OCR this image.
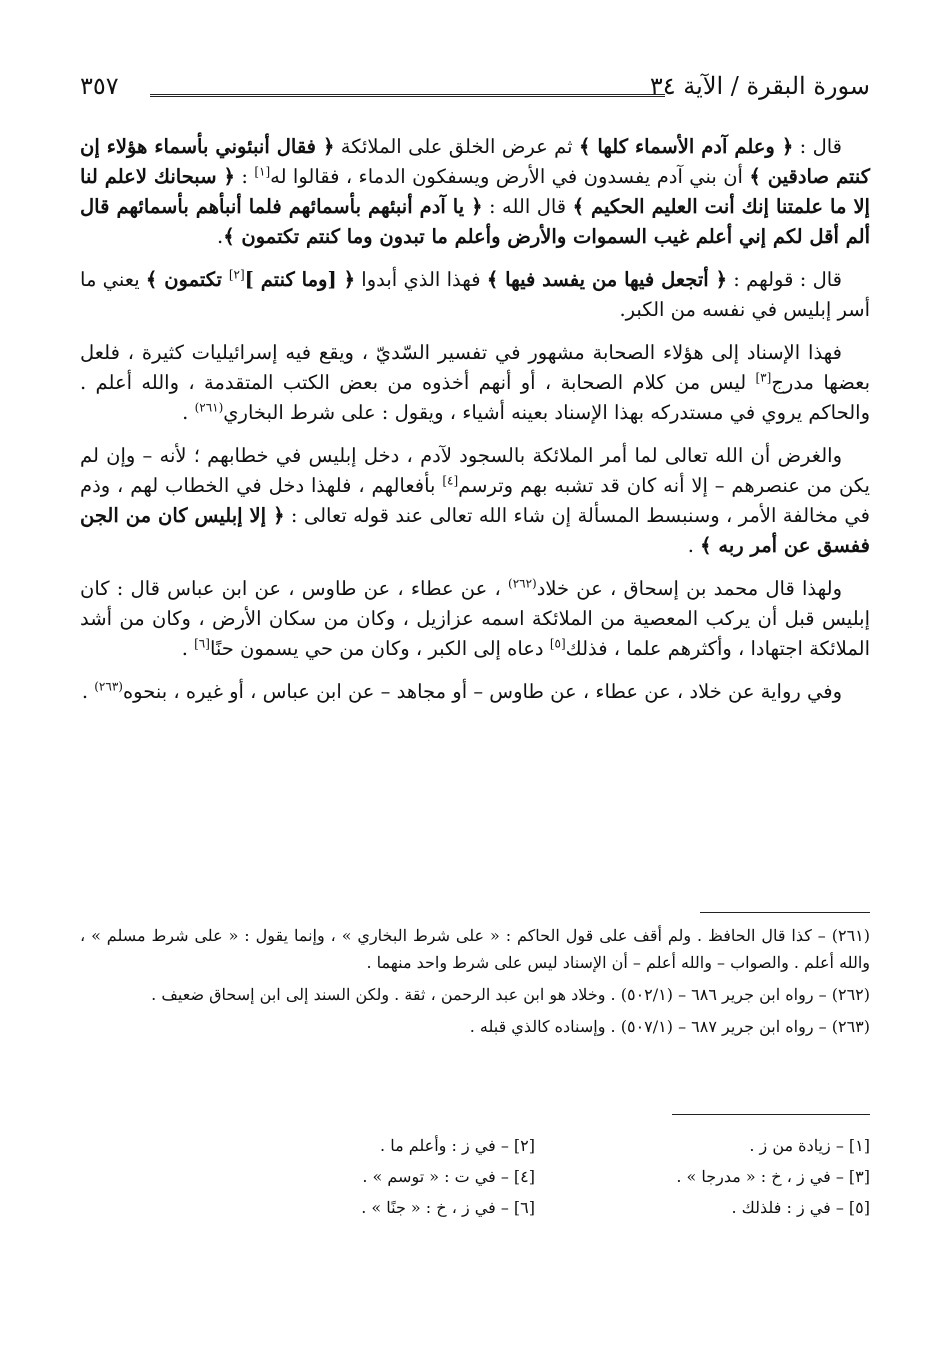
سورة البقرة / الآية ٣٤
٣٥٧

قال : ﴿ وعلم آدم الأسماء كلها ﴾ ثم عرض الخلق على الملائكة ﴿ فقال أنبئوني بأسماء هؤلاء إن كنتم صادقين ﴾ أن بني آدم يفسدون في الأرض ويسفكون الدماء ، فقالوا له[١] : ﴿ سبحانك لاعلم لنا إلا ما علمتنا إنك أنت العليم الحكيم ﴾ قال الله : ﴿ يا آدم أنبئهم بأسمائهم فلما أنبأهم بأسمائهم قال ألم أقل لكم إني أعلم غيب السموات والأرض وأعلم ما تبدون وما كنتم تكتمون ﴾.

قال : قولهم : ﴿ أتجعل فيها من يفسد فيها ﴾ فهذا الذي أبدوا ﴿ [وما كنتم ][٢] تكتمون ﴾ يعني ما أسر إبليس في نفسه من الكبر.

فهذا الإسناد إلى هؤلاء الصحابة مشهور في تفسير السّديّ ، ويقع فيه إسرائيليات كثيرة ، فلعل بعضها مدرج[٣] ليس من كلام الصحابة ، أو أنهم أخذوه من بعض الكتب المتقدمة ، والله أعلم . والحاكم يروي في مستدركه بهذا الإسناد بعينه أشياء ، ويقول : على شرط البخاري$^{(٢٦١)}$ .

والغرض أن الله تعالى لما أمر الملائكة بالسجود لآدم ، دخل إبليس في خطابهم ؛ لأنه – وإن لم يكن من عنصرهم – إلا أنه كان قد تشبه بهم وترسم[٤] بأفعالهم ، فلهذا دخل في الخطاب لهم ، وذم في مخالفة الأمر ، وسنبسط المسألة إن شاء الله تعالى عند قوله تعالى : ﴿ إلا إبليس كان من الجن ففسق عن أمر ربه ﴾ .

ولهذا قال محمد بن إسحاق ، عن خلاد$^{(٢٦٢)}$ ، عن عطاء ، عن طاوس ، عن ابن عباس قال : كان إبليس قبل أن يركب المعصية من الملائكة اسمه عزازيل ، وكان من سكان الأرض ، وكان من أشد الملائكة اجتهادا ، وأكثرهم علما ، فذلك[٥] دعاه إلى الكبر ، وكان من حي يسمون حنًا[٦] .

وفي رواية عن خلاد ، عن عطاء ، عن طاوس – أو مجاهد – عن ابن عباس ، أو غيره ، بنحوه$^{(٢٦٣)}$ .

(٢٦١) – كذا قال الحافظ . ولم أقف على قول الحاكم : « على شرط البخاري » ، وإنما يقول : « على شرط مسلم » ، والله أعلم . والصواب – والله أعلم – أن الإسناد ليس على شرط واحد منهما .

(٢٦٢) – رواه ابن جرير ٦٨٦ – (٥٠٢/١) . وخلاد هو ابن عبد الرحمن ، ثقة . ولكن السند إلى ابن إسحاق ضعيف .

(٢٦٣) – رواه ابن جرير ٦٨٧ – (٥٠٧/١) . وإسناده كالذي قبله .

[١] – زيادة من ز .
[٢] – في ز : وأعلم ما .
[٣] – في ز ، خ : « مدرجا » .
[٤] – في ت : « توسم » .
[٥] – في ز : فلذلك .
[٦] – في ز ، خ : « جنًا » .
